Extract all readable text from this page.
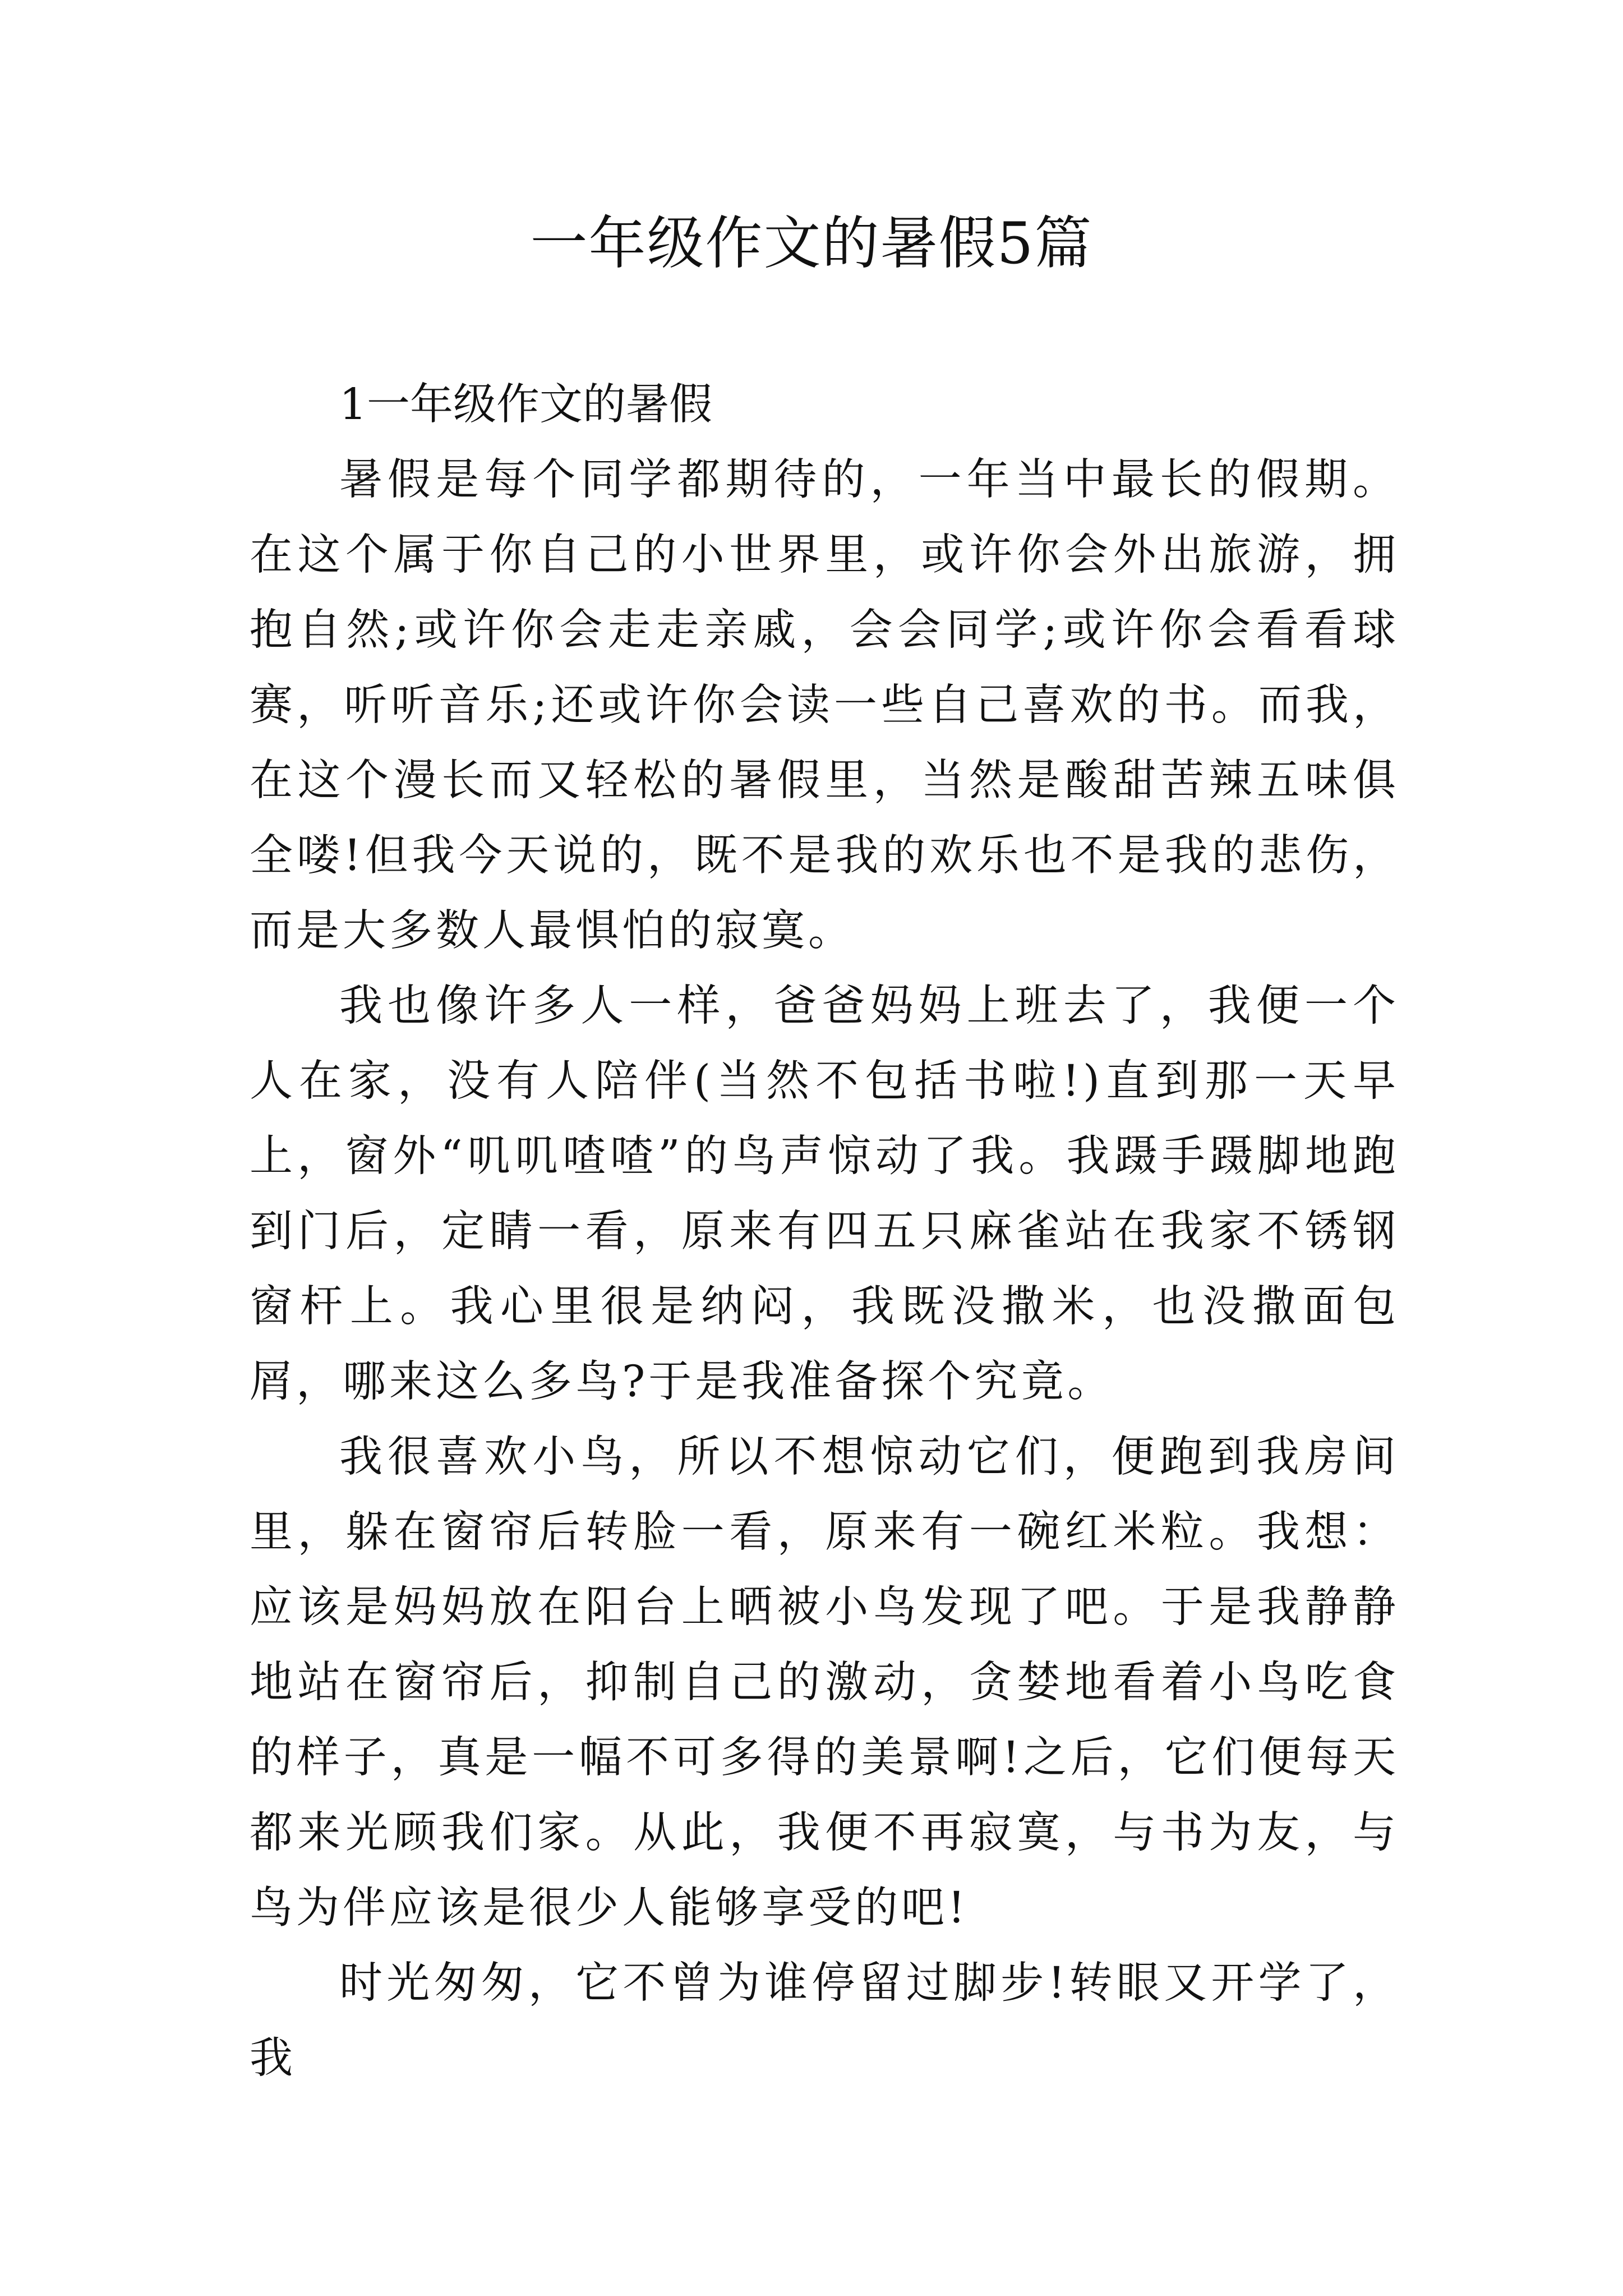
一年级作文的暑假5篇

1一年级作文的暑假

暑假是每个同学都期待的，一年当中最长的假期。在这个属于你自己的小世界里，或许你会外出旅游，拥抱自然;或许你会走走亲戚，会会同学;或许你会看看球赛，听听音乐;还或许你会读一些自己喜欢的书。而我，在这个漫长而又轻松的暑假里，当然是酸甜苦辣五味俱全喽!但我今天说的，既不是我的欢乐也不是我的悲伤，而是大多数人最惧怕的寂寞。

我也像许多人一样，爸爸妈妈上班去了，我便一个人在家，没有人陪伴(当然不包括书啦!)直到那一天早上，窗外“叽叽喳喳”的鸟声惊动了我。我蹑手蹑脚地跑到门后，定睛一看，原来有四五只麻雀站在我家不锈钢窗杆上。我心里很是纳闷，我既没撒米，也没撒面包屑，哪来这么多鸟?于是我准备探个究竟。

我很喜欢小鸟，所以不想惊动它们，便跑到我房间里，躲在窗帘后转脸一看，原来有一碗红米粒。我想：应该是妈妈放在阳台上晒被小鸟发现了吧。于是我静静地站在窗帘后，抑制自己的激动，贪婪地看着小鸟吃食的样子，真是一幅不可多得的美景啊!之后，它们便每天都来光顾我们家。从此，我便不再寂寞，与书为友，与鸟为伴应该是很少人能够享受的吧!

时光匆匆，它不曾为谁停留过脚步!转眼又开学了，我
